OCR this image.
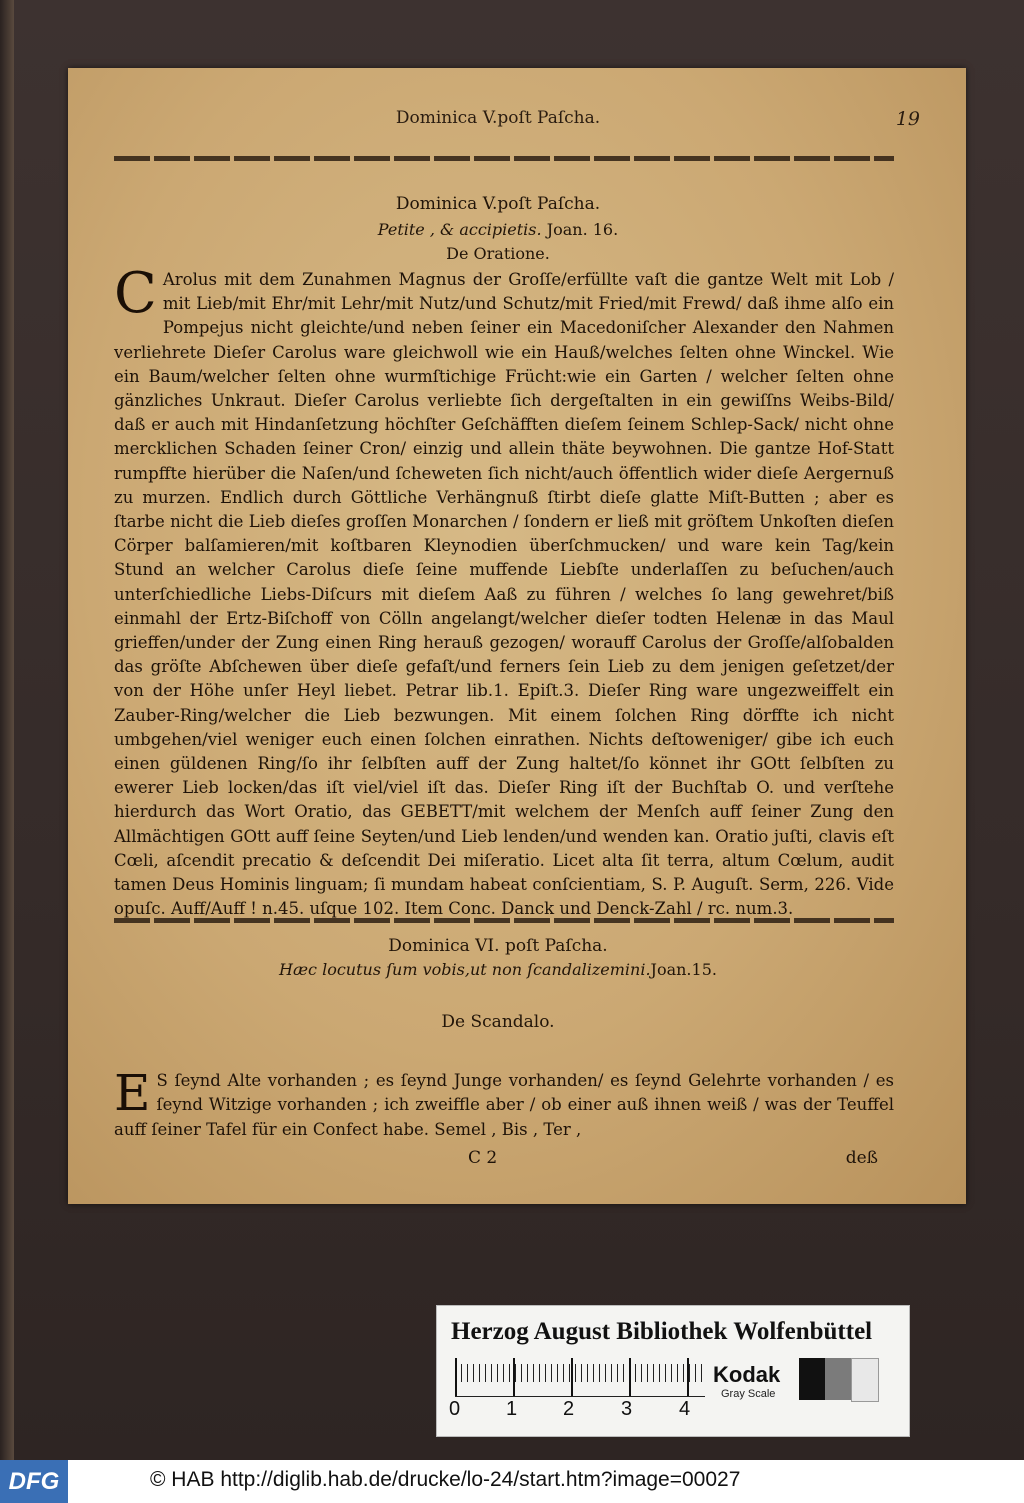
Dominica V.poſt Paſcha.	19
Dominica V.poſt Paſcha.
Petite , & accipietis. Joan. 16.
De Oratione.

C Arolus mit dem Zunahmen Magnus der Groſſe/erfüllte vaſt die gantze Welt mit Lob / mit Lieb/mit Ehr/mit Lehr/mit Nutz/und Schutz/mit Fried/mit Frewd/ daß ihme alſo ein Pompejus nicht gleichte/und neben ſeiner ein Macedoniſcher Alexander den Nahmen verliehrete Dieſer Carolus ware gleichwoll wie ein Hauß/welches ſelten ohne Winckel. Wie ein Baum/welcher ſelten ohne wurmſtichige Frücht:wie ein Garten / welcher ſelten ohne gänzliches Unkraut. Dieſer Carolus verliebte ſich dergeſtalten in ein gewiſſns Weibs-Bild/ daß er auch mit Hindanſetzung höchſter Geſchäfften dieſem ſeinem Schlep-Sack/ nicht ohne mercklichen Schaden ſeiner Cron/ einzig und allein thäte beywohnen. Die gantze Hof-Statt rumpffte hierüber die Naſen/und ſcheweten ſich nicht/auch öffentlich wider dieſe Aergernuß zu murzen. Endlich durch Göttliche Verhängnuß ſtirbt dieſe glatte Miſt-Butten ; aber es ſtarbe nicht die Lieb dieſes groſſen Monarchen / ſondern er ließ mit gröſtem Unkoſten dieſen Cörper balſamieren/mit koſtbaren Kleynodien überſchmucken/ und ware kein Tag/kein Stund an welcher Carolus dieſe ſeine muffende Liebſte underlaſſen zu beſuchen/auch unterſchiedliche Liebs-Diſcurs mit dieſem Aaß zu führen / welches ſo lang gewehret/biß einmahl der Ertz-Biſchoff von Cölln angelangt/welcher dieſer todten Helenæ in das Maul grieffen/under der Zung einen Ring herauß gezogen/ worauff Carolus der Groſſe/alſobalden das gröſte Abſchewen über dieſe gefaſt/und ferners ſein Lieb zu dem jenigen geſetzet/der von der Höhe unſer Heyl liebet. Petrar lib.1. Epiſt.3. Dieſer Ring ware ungezweiffelt ein Zauber-Ring/welcher die Lieb bezwungen. Mit einem ſolchen Ring dörffte ich nicht umbgehen/viel weniger euch einen ſolchen einrathen. Nichts deſtoweniger/ gibe ich euch einen güldenen Ring/ſo ihr ſelbſten auff der Zung haltet/ſo könnet ihr GOtt ſelbſten zu ewerer Lieb locken/das iſt viel/viel iſt das. Dieſer Ring iſt der Buchſtab O. und verſtehe hierdurch das Wort Oratio, das GEBETT/mit welchem der Menſch auff ſeiner Zung den Allmächtigen GOtt auff ſeine Seyten/und Lieb lenden/und wenden kan. Oratio juſti, clavis eſt Cœli, aſcendit precatio & deſcendit Dei miſeratio. Licet alta ſit terra, altum Cœlum, audit tamen Deus Hominis linguam; ſi mundam habeat conſcientiam, S. P. Auguſt. Serm, 226. Vide opuſc. Auff/Auff ! n.45. uſque 102. Item Conc. Danck und Denck-Zahl / rc. num.3.

Dominica VI. poſt Paſcha.
Hæc locutus ſum vobis,ut non ſcandalizemini.Joan.15.
De Scandalo.

E S ſeynd Alte vorhanden ; es ſeynd Junge vorhanden/ es ſeynd Gelehrte vorhanden / es ſeynd Witzige vorhanden ; ich zweiffle aber / ob einer auß ihnen weiß / was der Teuffel auff ſeiner Tafel für ein Confect habe. Semel , Bis , Ter ,

C 2	deß
Herzog August Bibliothek Wolfenbüttel
0 1 2 3 4
Kodak
Gray Scale
DFG	© HAB http://diglib.hab.de/drucke/lo-24/start.htm?image=00027
